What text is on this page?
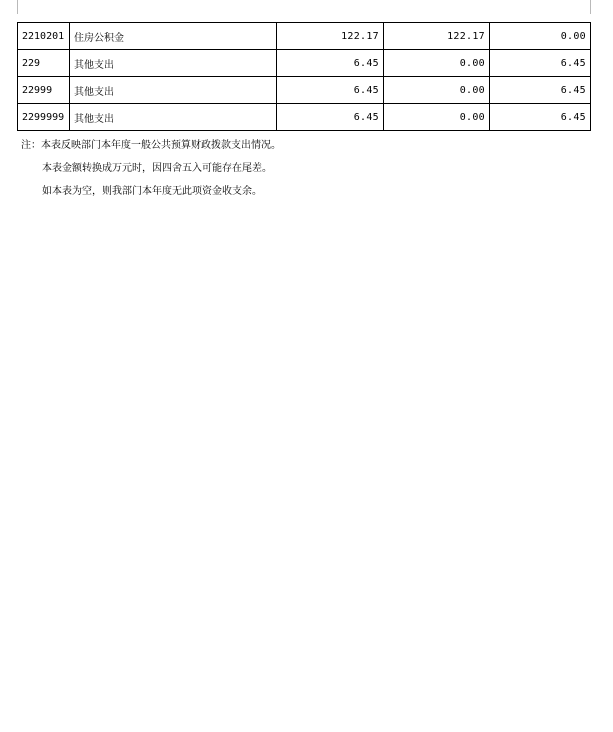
2210201	住房公积金	122.17	122.17	0.00
229	其他支出	6.45	0.00	6.45
22999	其他支出	6.45	0.00	6.45
2299999	其他支出	6.45	0.00	6.45
注：本表反映部门本年度一般公共预算财政拨款支出情况。
本表金额转换成万元时，因四舍五入可能存在尾差。
如本表为空，则我部门本年度无此项资金收支余。
